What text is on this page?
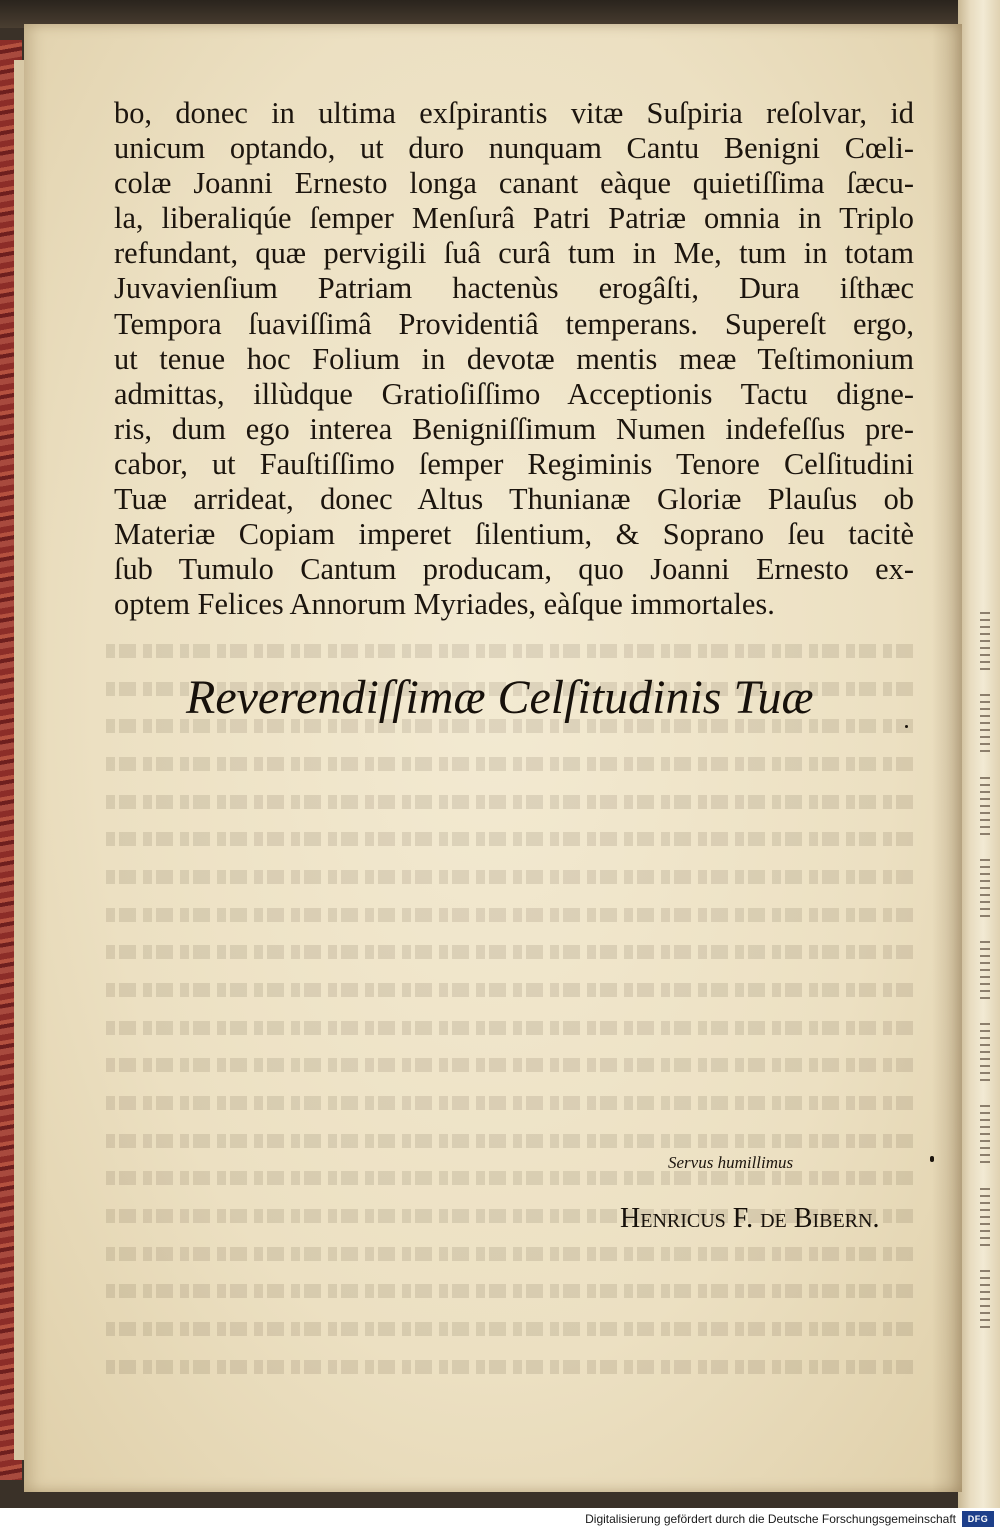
bo, donec in ultima exſpirantis vitæ Suſpiria reſolvar, id
unicum optando, ut duro nunquam Cantu Benigni Cœli-
colæ Joanni Ernesto longa canant eàque quietiſſima ſæcu-
la, liberaliqúe ſemper Menſurâ Patri Patriæ omnia in Triplo
refundant, quæ pervigili ſuâ curâ tum in Me, tum in totam
Juvavienſium Patriam hactenùs erogâſti, Dura iſthæc
Tempora ſuaviſſimâ Providentiâ temperans. Supereſt ergo,
ut tenue hoc Folium in devotæ mentis meæ Teſtimonium
admittas, illùdque Gratioſiſſimo Acceptionis Tactu digne-
ris, dum ego interea Benigniſſimum Numen indefeſſus pre-
cabor, ut Fauſtiſſimo ſemper Regiminis Tenore Celſitudini
Tuæ arrideat, donec Altus Thunianæ Gloriæ Plauſus ob
Materiæ Copiam imperet ſilentium, & Soprano ſeu tacitè
ſub Tumulo Cantum producam, quo Joanni Ernesto ex-
optem Felices Annorum Myriades, eàſque immortales.

Reverendiſſimæ Celſitudinis Tuæ

Servus humillimus
Henricus F. de Bibern.
Digitalisierung gefördert durch die Deutsche Forschungsgemeinschaft	DFG
